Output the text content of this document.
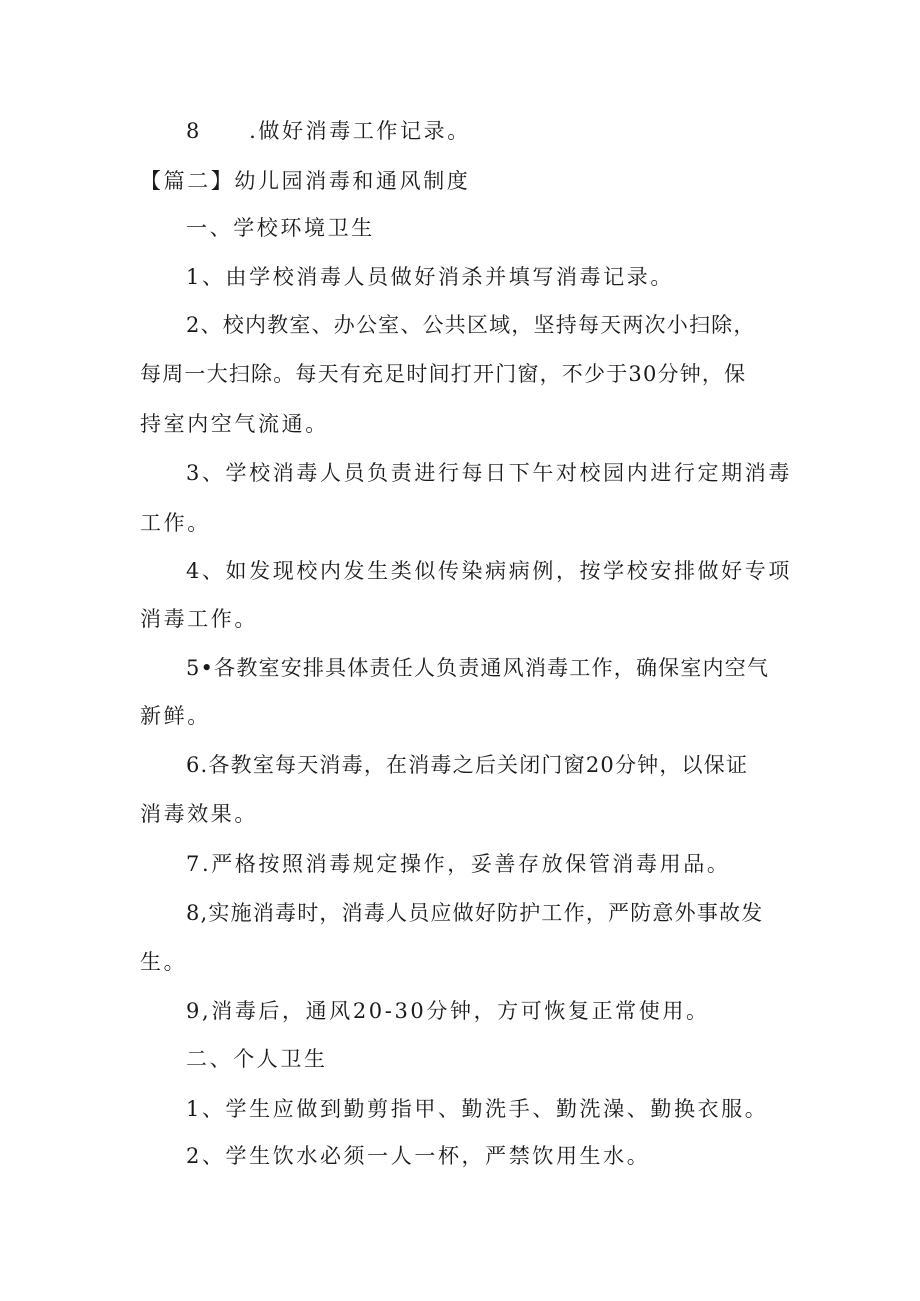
8　　.做好消毒工作记录。
【篇二】幼儿园消毒和通风制度
一、学校环境卫生
1、由学校消毒人员做好消杀并填写消毒记录。
2、校内教室、办公室、公共区域，坚持每天两次小扫除，
每周一大扫除。每天有充足时间打开门窗，不少于30分钟，保
持室内空气流通。
3、学校消毒人员负责进行每日下午对校园内进行定期消毒
工作。
4、如发现校内发生类似传染病病例，按学校安排做好专项
消毒工作。
5•各教室安排具体责任人负责通风消毒工作，确保室内空气
新鲜。
6.各教室每天消毒，在消毒之后关闭门窗20分钟，以保证
消毒效果。
7.严格按照消毒规定操作，妥善存放保管消毒用品。
8,实施消毒时，消毒人员应做好防护工作，严防意外事故发
生。
9,消毒后，通风20-30分钟，方可恢复正常使用。
二、个人卫生
1、学生应做到勤剪指甲、勤洗手、勤洗澡、勤换衣服。
2、学生饮水必须一人一杯，严禁饮用生水。
